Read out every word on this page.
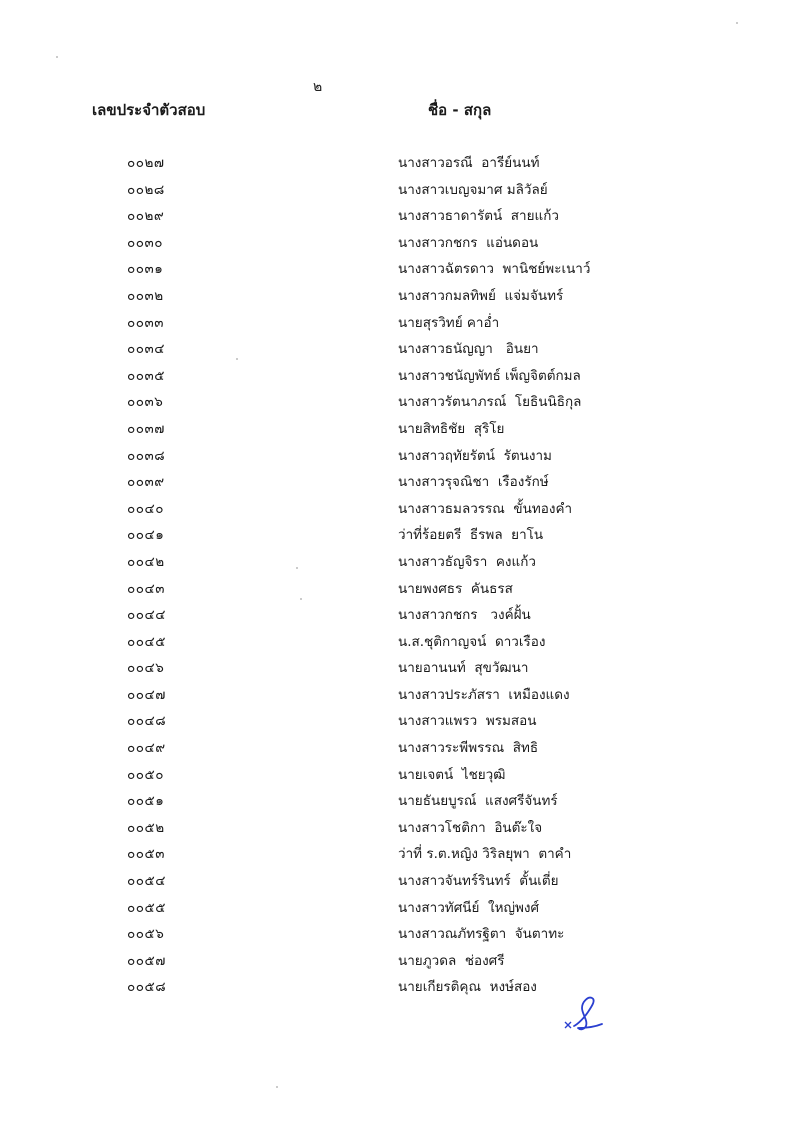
๒
เลขประจำตัวสอบ	ชื่อ - สกุล
๐๐๒๗	นางสาวอรณี  อารีย์นนท์
๐๐๒๘	นางสาวเบญจมาศ มลิวัลย์
๐๐๒๙	นางสาวธาดารัตน์  สายแก้ว
๐๐๓๐	นางสาวกชกร  แอ่นดอน
๐๐๓๑	นางสาวฉัตรดาว  พานิชย์พะเนาว์
๐๐๓๒	นางสาวกมลทิพย์  แจ่มจันทร์
๐๐๓๓	นายสุรวิทย์ คาอ่ำ
๐๐๓๔	นางสาวธนัญญา   อินยา
๐๐๓๕	นางสาวชนัญพัทธ์ เพ็ญจิตต์กมล
๐๐๓๖	นางสาวรัตนาภรณ์  โยธินนิธิกุล
๐๐๓๗	นายสิทธิชัย  สุริโย
๐๐๓๘	นางสาวฤทัยรัตน์  รัตนงาม
๐๐๓๙	นางสาวรุจณิชา  เรืองรักษ์
๐๐๔๐	นางสาวธมลวรรณ  ขั้นทองคำ
๐๐๔๑	ว่าที่ร้อยตรี  ธีรพล  ยาโน
๐๐๔๒	นางสาวธัญจิรา  คงแก้ว
๐๐๔๓	นายพงศธร  คันธรส
๐๐๔๔	นางสาวกชกร   วงค์ฝั้น
๐๐๔๕	น.ส.ชุติกาญจน์  ดาวเรือง
๐๐๔๖	นายอานนท์  สุขวัฒนา
๐๐๔๗	นางสาวประภัสรา  เหมืองแดง
๐๐๔๘	นางสาวแพรว  พรมสอน
๐๐๔๙	นางสาวระพีพรรณ  สิทธิ
๐๐๕๐	นายเจตน์  ไชยวุฒิ
๐๐๕๑	นายธันยบูรณ์  แสงศรีจันทร์
๐๐๕๒	นางสาวโชติกา  อินต๊ะใจ
๐๐๕๓	ว่าที่ ร.ต.หญิง วิริลยุพา  ตาคำ
๐๐๕๔	นางสาวจันทร์รินทร์  ตั้นเตี่ย
๐๐๕๕	นางสาวทัศนีย์  ใหญ่พงศ์
๐๐๕๖	นางสาวณภัทรฐิตา  จันตาทะ
๐๐๕๗	นายภูวดล  ช่องศรี
๐๐๕๘	นายเกียรติคุณ  หงษ์สอง
